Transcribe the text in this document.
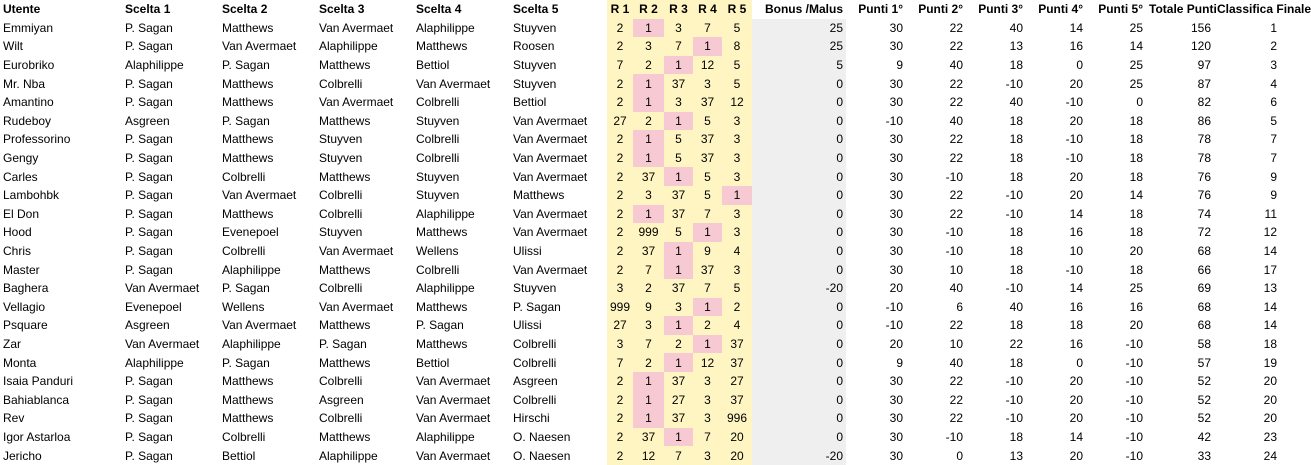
Utente	Scelta 1	Scelta 2	Scelta 3	Scelta 4	Scelta 5	R 1	R 2	R 3	R 4	R 5	Bonus /Malus	Punti 1°	Punti 2°	Punti 3°	Punti 4°	Punti 5°	Totale Punti	Classifica Finale
Emmiyan	P. Sagan	Matthews	Van Avermaet	Alaphilippe	Stuyven	2	1	3	7	5	25	30	22	40	14	25	156	1
Wilt	P. Sagan	Van Avermaet	Alaphilippe	Matthews	Roosen	2	3	7	1	8	25	30	22	13	16	14	120	2
Eurobriko	Alaphilippe	P. Sagan	Matthews	Bettiol	Stuyven	7	2	1	12	5	5	9	40	18	0	25	97	3
Mr. Nba	P. Sagan	Matthews	Colbrelli	Van Avermaet	Stuyven	2	1	37	3	5	0	30	22	-10	20	25	87	4
Amantino	P. Sagan	Matthews	Van Avermaet	Colbrelli	Bettiol	2	1	3	37	12	0	30	22	40	-10	0	82	6
Rudeboy	Asgreen	P. Sagan	Matthews	Stuyven	Van Avermaet	27	2	1	5	3	0	-10	40	18	20	18	86	5
Professorino	P. Sagan	Matthews	Stuyven	Colbrelli	Van Avermaet	2	1	5	37	3	0	30	22	18	-10	18	78	7
Gengy	P. Sagan	Matthews	Stuyven	Colbrelli	Van Avermaet	2	1	5	37	3	0	30	22	18	-10	18	78	7
Carles	P. Sagan	Colbrelli	Matthews	Stuyven	Van Avermaet	2	37	1	5	3	0	30	-10	18	20	18	76	9
Lambohbk	P. Sagan	Van Avermaet	Colbrelli	Stuyven	Matthews	2	3	37	5	1	0	30	22	-10	20	14	76	9
El Don	P. Sagan	Matthews	Colbrelli	Alaphilippe	Van Avermaet	2	1	37	7	3	0	30	22	-10	14	18	74	11
Hood	P. Sagan	Evenepoel	Stuyven	Matthews	Van Avermaet	2	999	5	1	3	0	30	-10	18	16	18	72	12
Chris	P. Sagan	Colbrelli	Van Avermaet	Wellens	Ulissi	2	37	1	9	4	0	30	-10	18	10	20	68	14
Master	P. Sagan	Alaphilippe	Matthews	Colbrelli	Van Avermaet	2	7	1	37	3	0	30	10	18	-10	18	66	17
Baghera	Van Avermaet	P. Sagan	Colbrelli	Alaphilippe	Stuyven	3	2	37	7	5	-20	20	40	-10	14	25	69	13
Vellagio	Evenepoel	Wellens	Van Avermaet	Matthews	P. Sagan	999	9	3	1	2	0	-10	6	40	16	16	68	14
Psquare	Asgreen	Van Avermaet	Matthews	P. Sagan	Ulissi	27	3	1	2	4	0	-10	22	18	18	20	68	14
Zar	Van Avermaet	Alaphilippe	P. Sagan	Matthews	Colbrelli	3	7	2	1	37	0	20	10	22	16	-10	58	18
Monta	Alaphilippe	P. Sagan	Matthews	Bettiol	Colbrelli	7	2	1	12	37	0	9	40	18	0	-10	57	19
Isaia Panduri	P. Sagan	Matthews	Colbrelli	Van Avermaet	Asgreen	2	1	37	3	27	0	30	22	-10	20	-10	52	20
Bahiablanca	P. Sagan	Matthews	Asgreen	Van Avermaet	Colbrelli	2	1	27	3	37	0	30	22	-10	20	-10	52	20
Rev	P. Sagan	Matthews	Colbrelli	Van Avermaet	Hirschi	2	1	37	3	996	0	30	22	-10	20	-10	52	20
Igor Astarloa	P. Sagan	Colbrelli	Matthews	Alaphilippe	O. Naesen	2	37	1	7	20	0	30	-10	18	14	-10	42	23
Jericho	P. Sagan	Bettiol	Alaphilippe	Van Avermaet	O. Naesen	2	12	7	3	20	-20	30	0	13	20	-10	33	24
